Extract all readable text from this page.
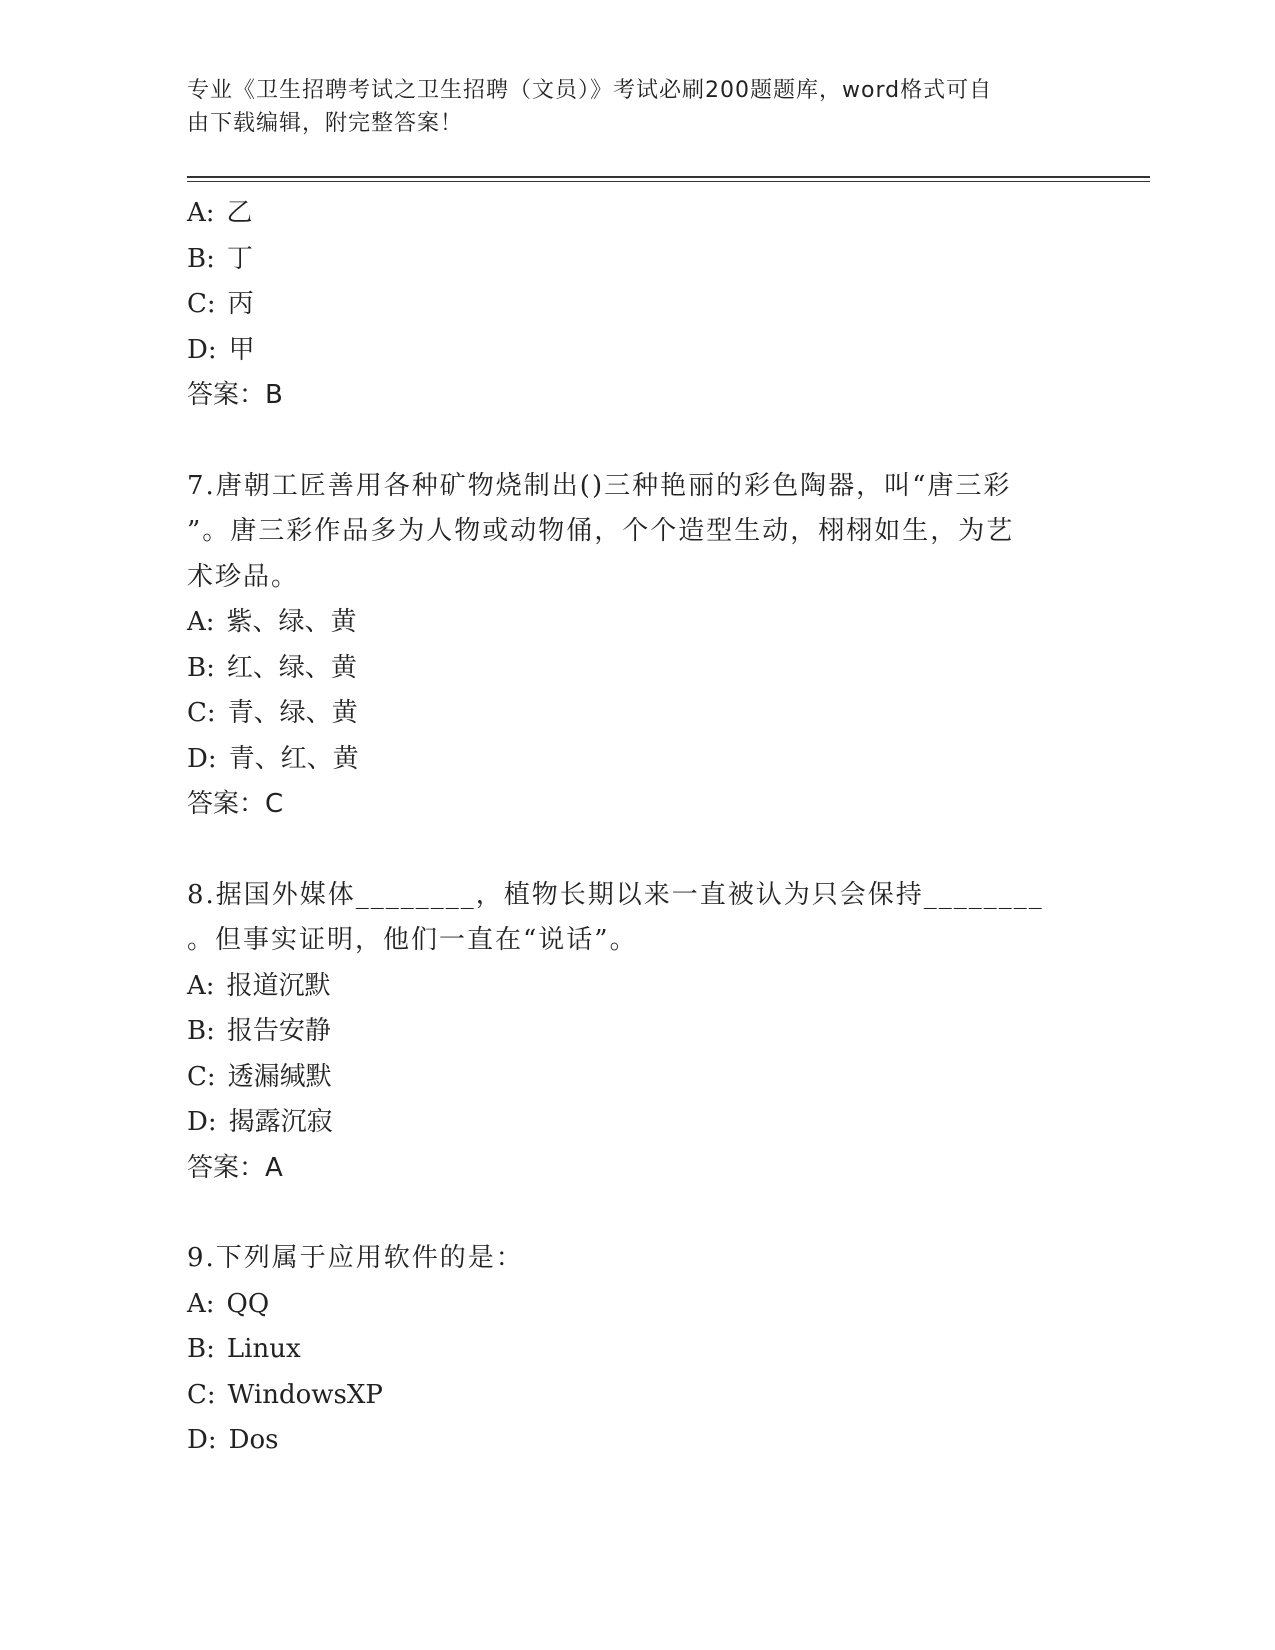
专业《卫生招聘考试之卫生招聘（文员）》考试必刷200题题库，word格式可自
由下载编辑，附完整答案！
A: 乙
B: 丁
C: 丙
D: 甲
答案：B
7.唐朝工匠善用各种矿物烧制出()三种艳丽的彩色陶器，叫“唐三彩
”。唐三彩作品多为人物或动物俑，个个造型生动，栩栩如生，为艺
术珍品。
A: 紫、绿、黄
B: 红、绿、黄
C: 青、绿、黄
D: 青、红、黄
答案：C
8.据国外媒体________，植物长期以来一直被认为只会保持________
。但事实证明，他们一直在“说话”。
A: 报道沉默
B: 报告安静
C: 透漏缄默
D: 揭露沉寂
答案：A
9.下列属于应用软件的是：
A: QQ
B: Linux
C: WindowsXP
D: Dos
